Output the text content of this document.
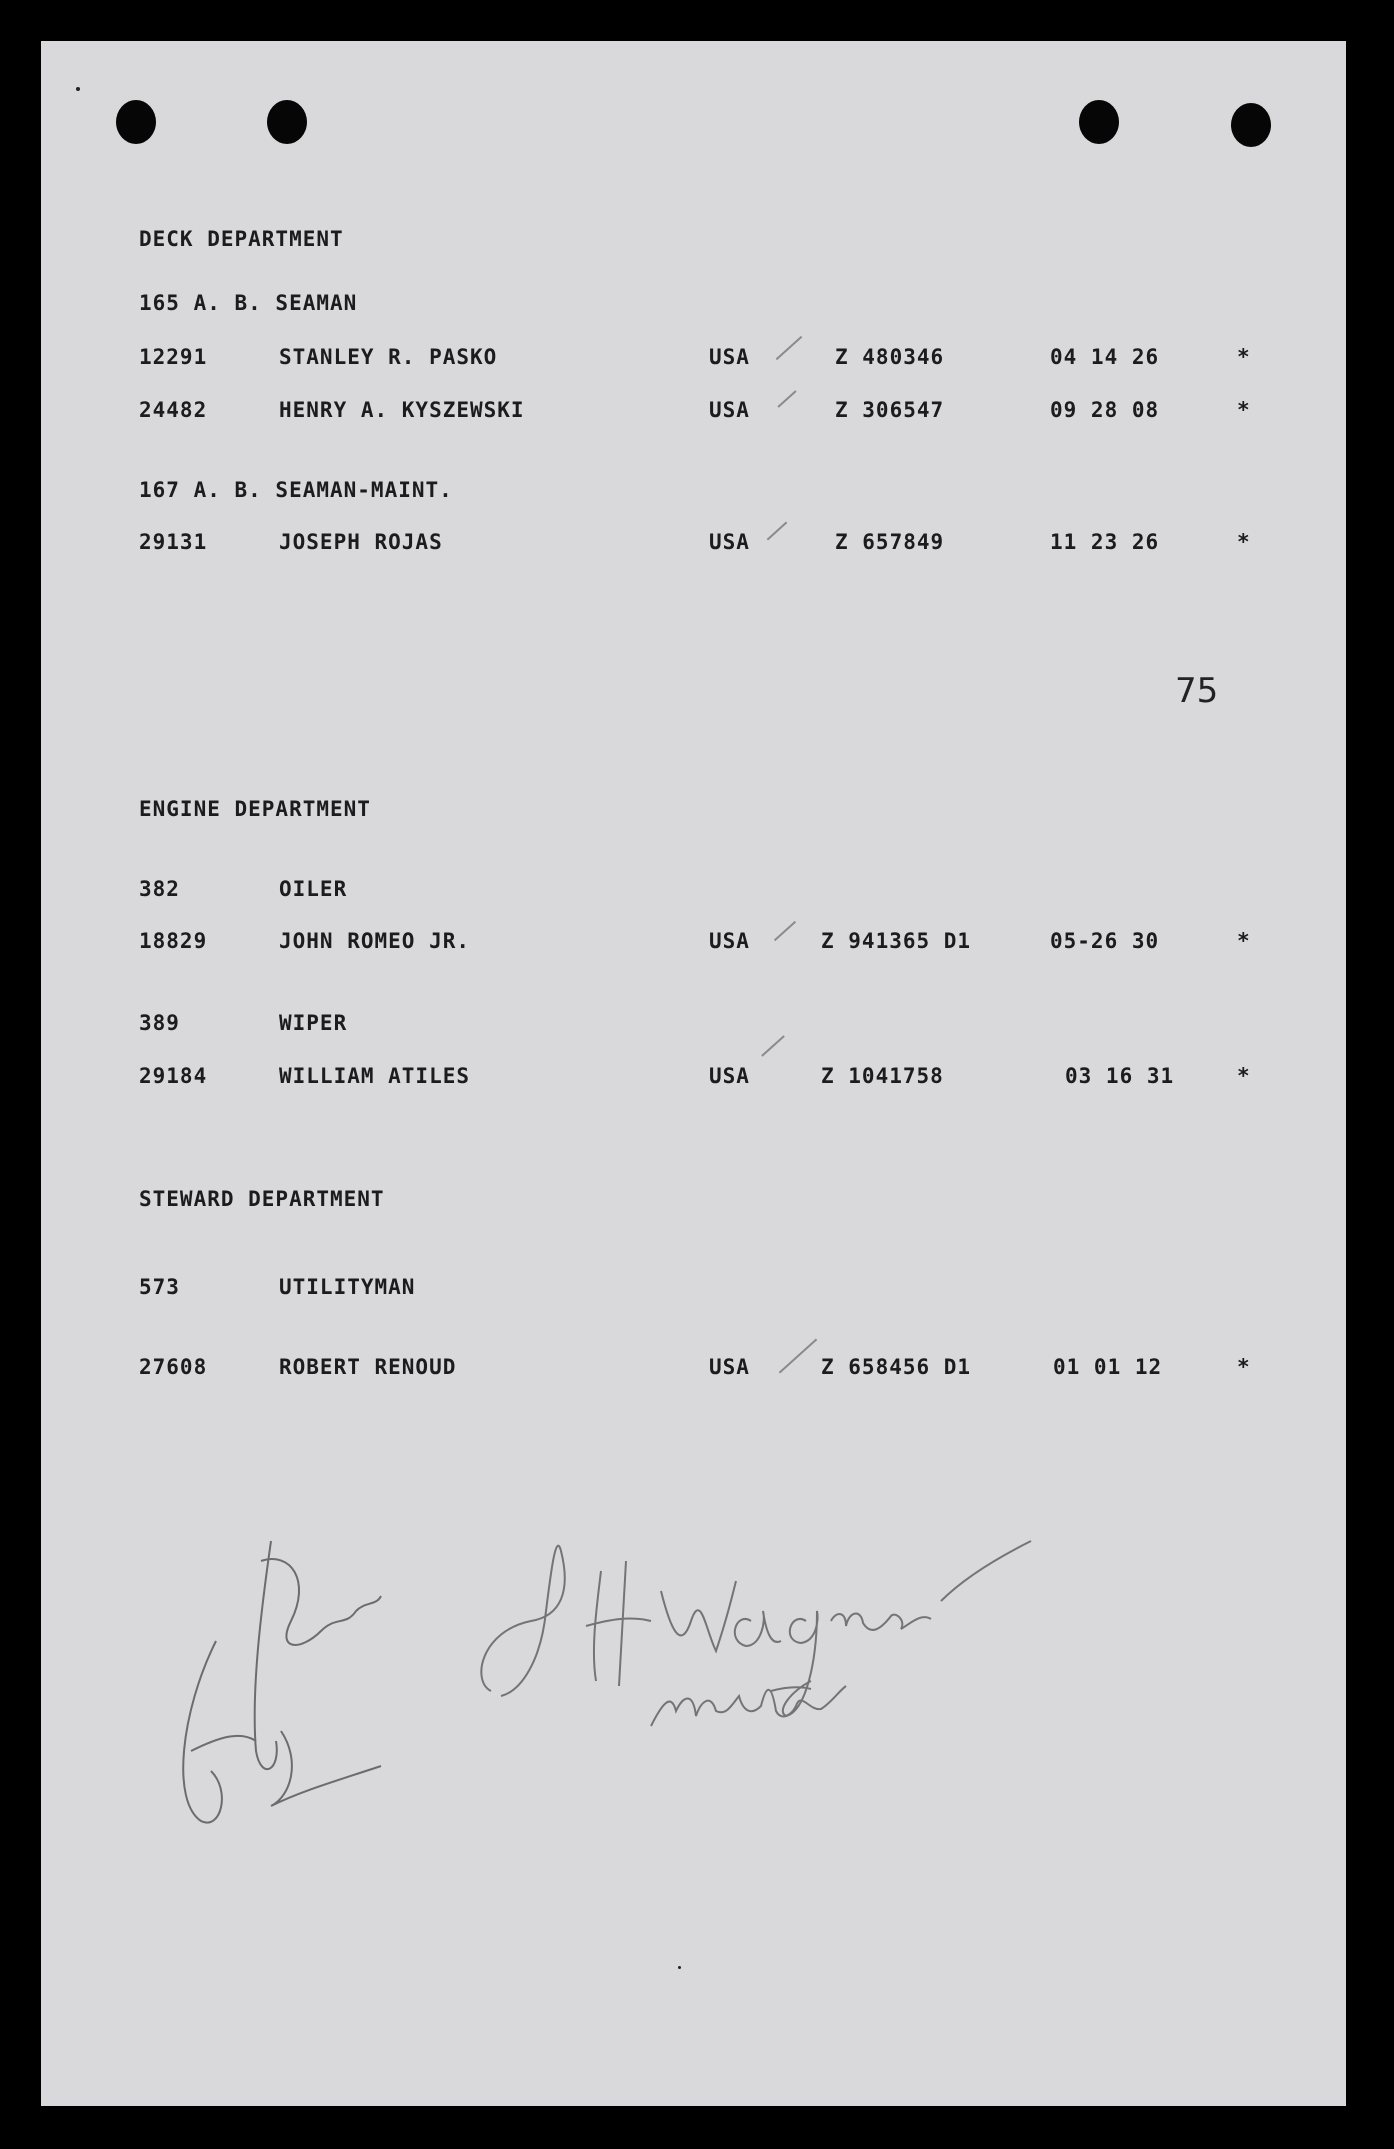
DECK DEPARTMENT
165 A. B. SEAMAN
12291	STANLEY R. PASKO	USA	Z 480346	04 14 26	*
24482	HENRY A. KYSZEWSKI	USA	Z 306547	09 28 08	*
167 A. B. SEAMAN-MAINT.
29131	JOSEPH ROJAS	USA	Z 657849	11 23 26	*
75
ENGINE DEPARTMENT
382	OILER
18829	JOHN ROMEO JR.	USA	Z 941365 D1	05-26 30	*
389	WIPER
29184	WILLIAM ATILES	USA	Z 1041758	03 16 31	*
STEWARD DEPARTMENT
573	UTILITYMAN
27608	ROBERT RENOUD	USA	Z 658456 D1	01 01 12	*
